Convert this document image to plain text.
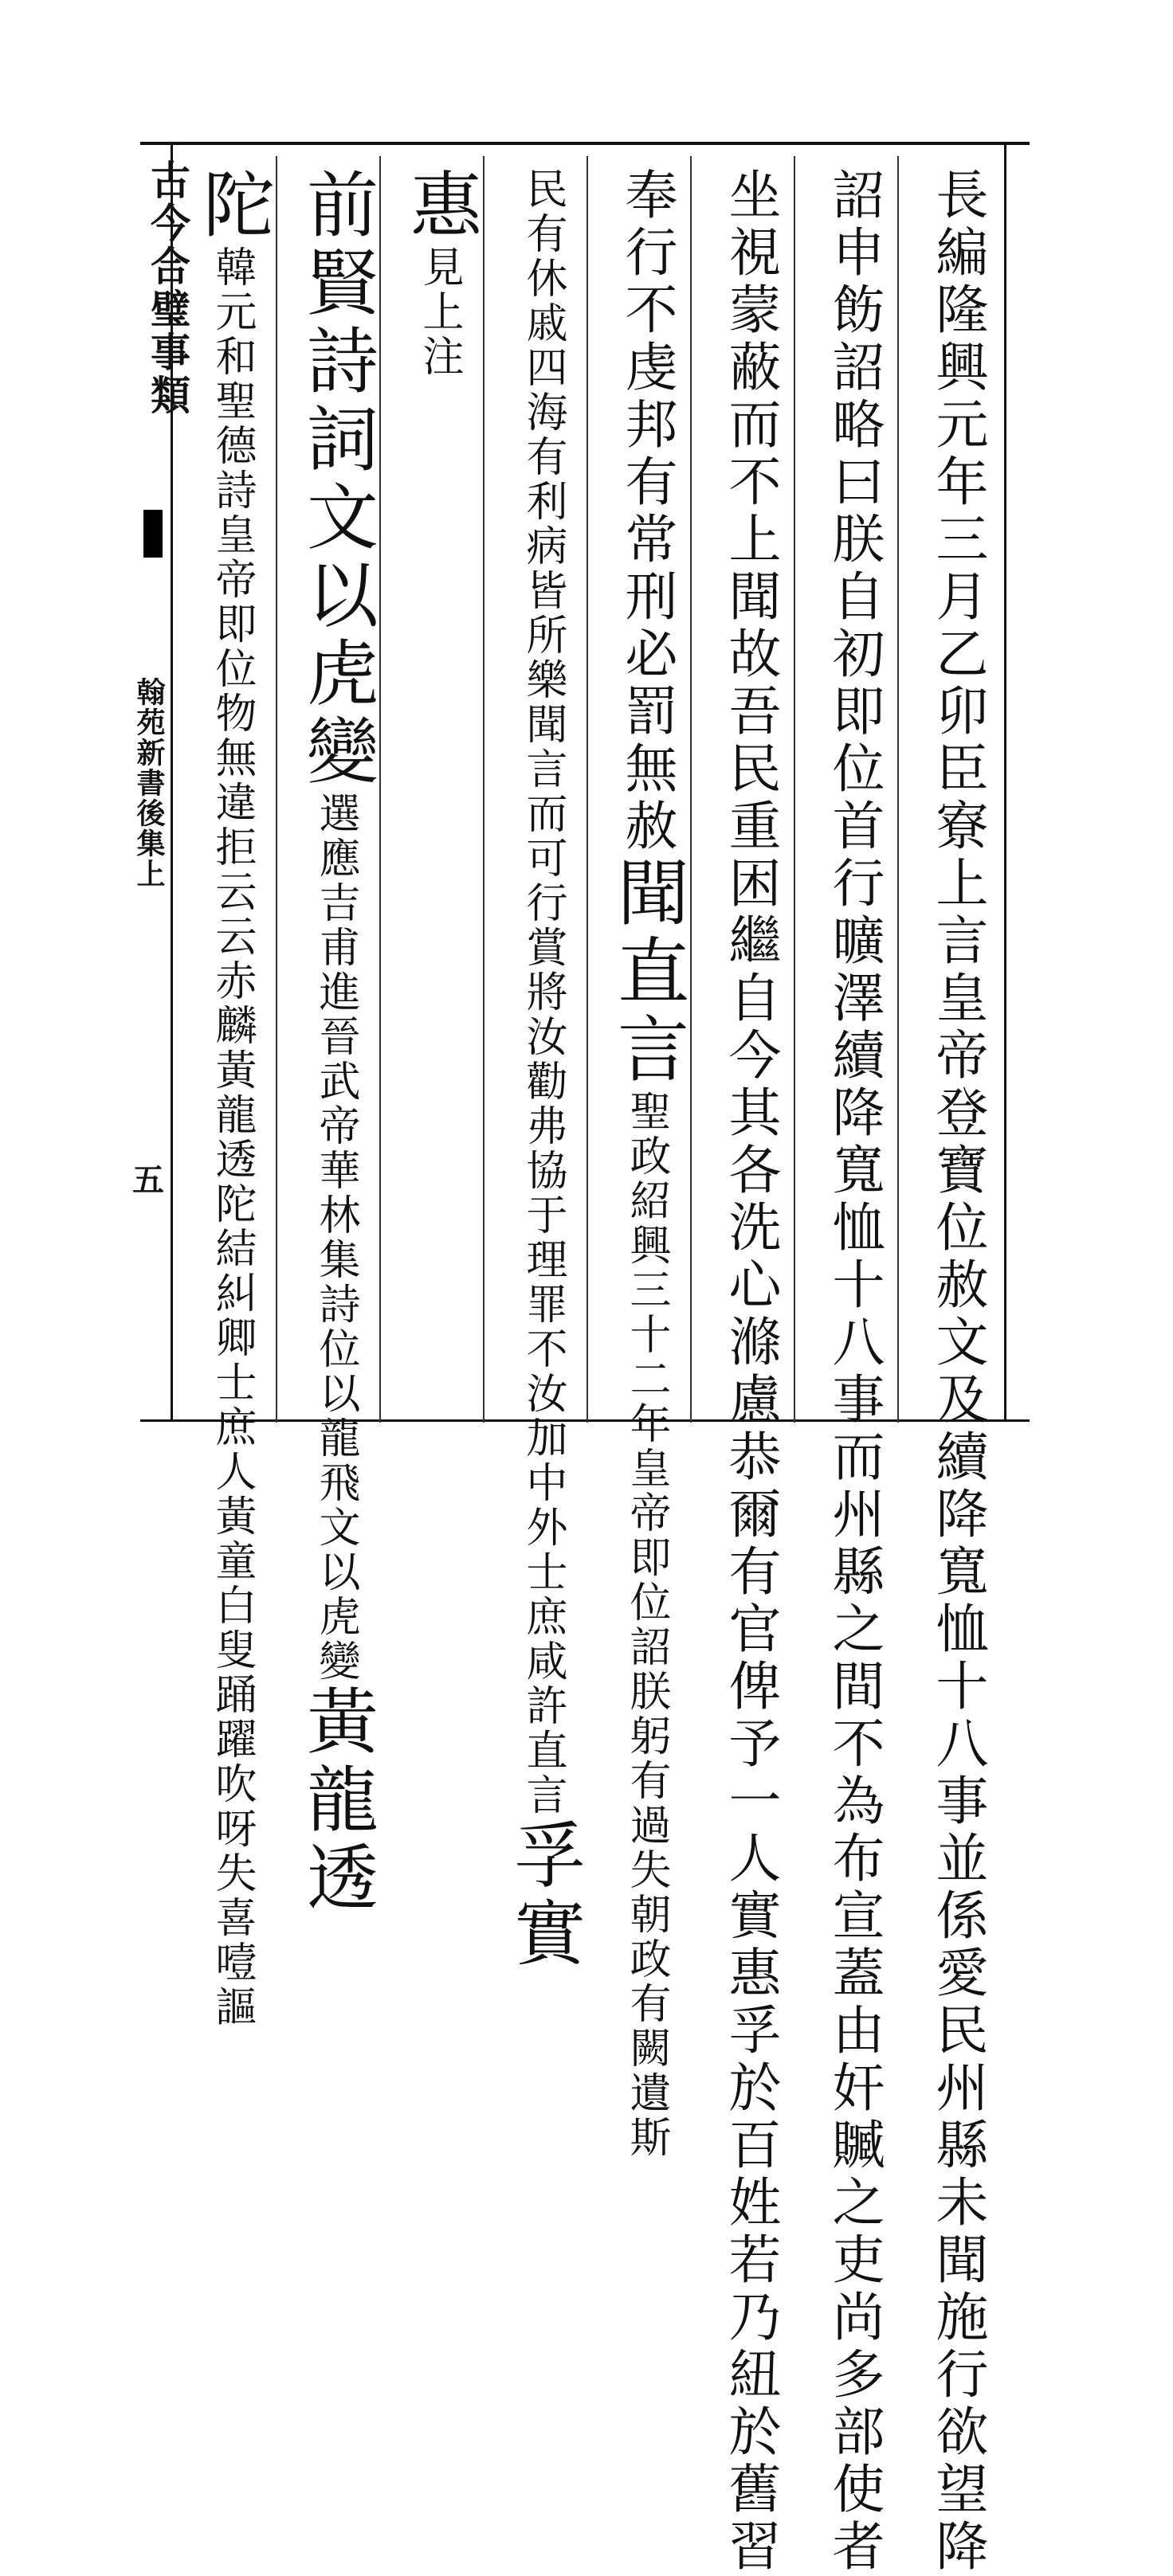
古今合璧事類
翰苑新書後集上
五	長編隆興元年三月乙卯臣寮上言皇帝登寶位赦文及續降寬恤十八事並係愛民州縣未聞施行欲望降
詔申飭詔略曰朕自初即位首行曠澤續降寬恤十八事而州縣之間不為布宣蓋由奸贓之吏尚多部使者
坐視蒙蔽而不上聞故吾民重困繼自今其各洗心滌慮恭爾有官俾予一人實惠孚於百姓若乃紐於舊習
奉行不虔邦有常刑必罰無赦聞直言聖政紹興三十二年皇帝即位詔朕躬有過失朝政有闕遺斯
民有休戚四海有利病皆所樂聞言而可行賞將汝勸弗協于理罪不汝加中外士庶咸許直言孚實
惠見上注
前賢詩詞文以虎變選應吉甫進晉武帝華林集詩位以龍飛文以虎變黃龍透
陀韓元和聖德詩皇帝即位物無違拒云云赤麟黃龍透陀結糾卿士庶人黃童白叟踊躍吹呀失喜噎謳
